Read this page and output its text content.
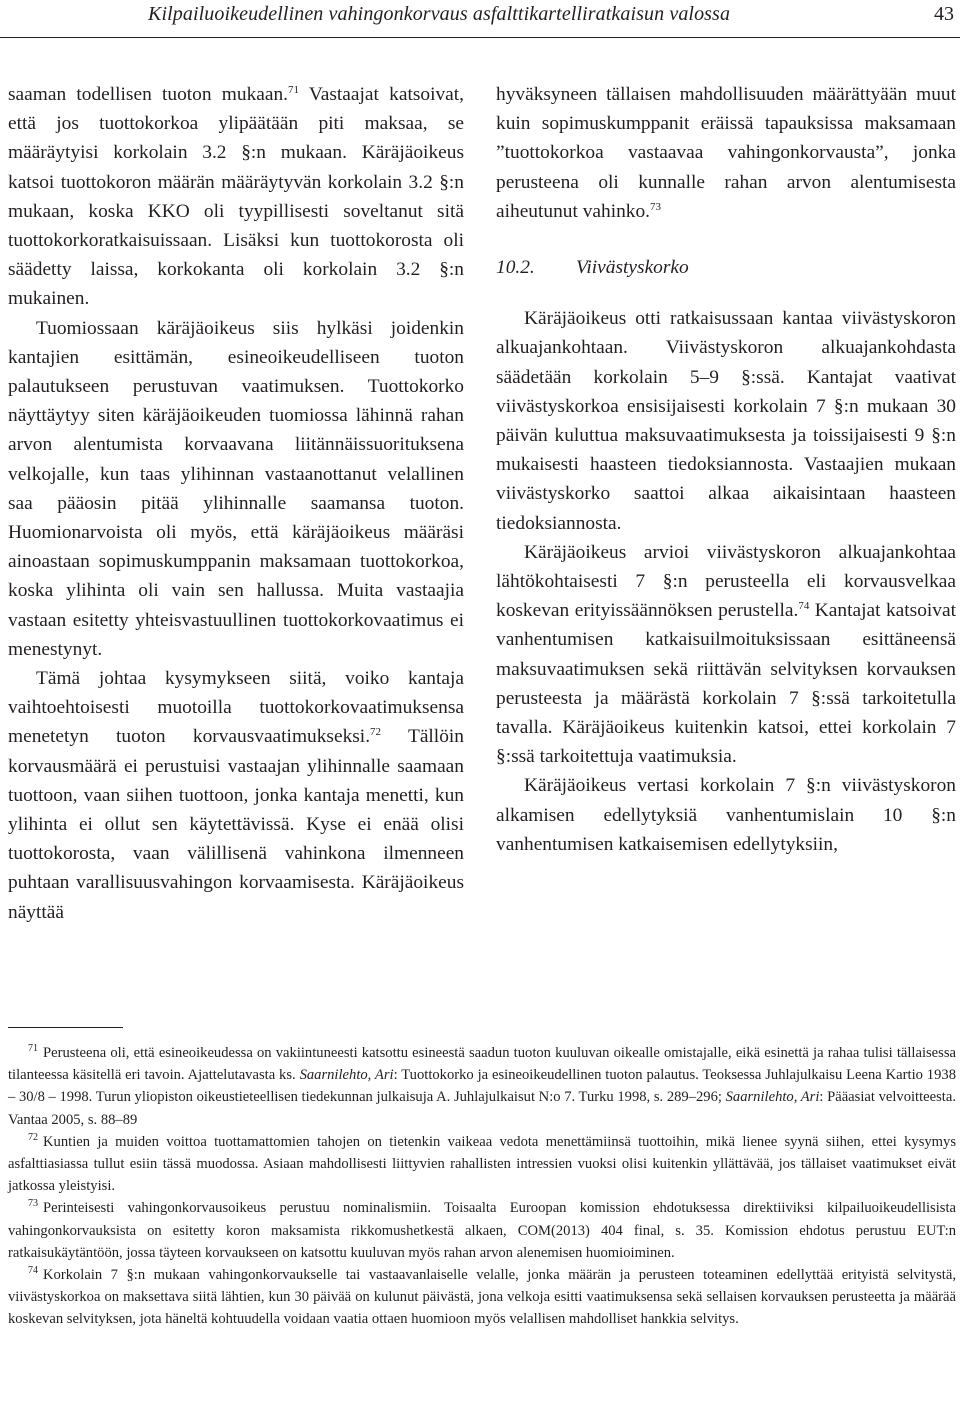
Kilpailuoikeudellinen vahingonkorvaus asfalttikartelliratkaisun valossa	43

saaman todellisen tuoton mukaan.$^{71}$ Vastaajat katsoivat, että jos tuottokorkoa ylipäätään piti maksaa, se määräytyisi korkolain 3.2 §:n mukaan. Käräjäoikeus katsoi tuottokoron määrän määräytyvän korkolain 3.2 §:n mukaan, koska KKO oli tyypillisesti soveltanut sitä tuottokorkoratkaisuissaan. Lisäksi kun tuottokorosta oli säädetty laissa, korkokanta oli korkolain 3.2 §:n mukainen.

Tuomiossaan käräjäoikeus siis hylkäsi joidenkin kantajien esittämän, esineoikeudelliseen tuoton palautukseen perustuvan vaatimuksen. Tuottokorko näyttäytyy siten käräjäoikeuden tuomiossa lähinnä rahan arvon alentumista korvaavana liitännäissuorituksena velkojalle, kun taas ylihinnan vastaanottanut velallinen saa pääosin pitää ylihinnalle saamansa tuoton. Huomionarvoista oli myös, että käräjäoikeus määräsi ainoastaan sopimuskumppanin maksamaan tuottokorkoa, koska ylihinta oli vain sen hallussa. Muita vastaajia vastaan esitetty yhteisvastuullinen tuottokorkovaatimus ei menestynyt.

Tämä johtaa kysymykseen siitä, voiko kantaja vaihtoehtoisesti muotoilla tuottokorkovaatimuksensa menetetyn tuoton korvausvaatimukseksi.$^{72}$ Tällöin korvausmäärä ei perustuisi vastaajan ylihinnalle saamaan tuottoon, vaan siihen tuottoon, jonka kantaja menetti, kun ylihinta ei ollut sen käytettävissä. Kyse ei enää olisi tuottokorosta, vaan välillisenä vahinkona ilmenneen puhtaan varallisuusvahingon korvaamisesta. Käräjäoikeus näyttää

hyväksyneen tällaisen mahdollisuuden määrättyään muut kuin sopimuskumppanit eräissä tapauksissa maksamaan ”tuottokorkoa vastaavaa vahingonkorvausta”, jonka perusteena oli kunnalle rahan arvon alentumisesta aiheutunut vahinko.$^{73}$

10.2. Viivästyskorko

Käräjäoikeus otti ratkaisussaan kantaa viivästyskoron alkuajankohtaan. Viivästyskoron alkuajankohdasta säädetään korkolain 5–9 §:ssä. Kantajat vaativat viivästyskorkoa ensisijaisesti korkolain 7 §:n mukaan 30 päivän kuluttua maksuvaatimuksesta ja toissijaisesti 9 §:n mukaisesti haasteen tiedoksiannosta. Vastaajien mukaan viivästyskorko saattoi alkaa aikaisintaan haasteen tiedoksiannosta.

Käräjäoikeus arvioi viivästyskoron alkuajankohtaa lähtökohtaisesti 7 §:n perusteella eli korvausvelkaa koskevan erityissäännöksen perustella.$^{74}$ Kantajat katsoivat vanhentumisen katkaisuilmoituksissaan esittäneensä maksuvaatimuksen sekä riittävän selvityksen korvauksen perusteesta ja määrästä korkolain 7 §:ssä tarkoitetulla tavalla. Käräjäoikeus kuitenkin katsoi, ettei korkolain 7 §:ssä tarkoitettuja vaatimuksia.

Käräjäoikeus vertasi korkolain 7 §:n viivästyskoron alkamisen edellytyksiä vanhentumislain 10 §:n vanhentumisen katkaisemisen edellytyksiin,

$^{71}$ Perusteena oli, että esineoikeudessa on vakiintuneesti katsottu esineestä saadun tuoton kuuluvan oikealle omistajalle, eikä esinettä ja rahaa tulisi tällaisessa tilanteessa käsitellä eri tavoin. Ajattelutavasta ks. Saarnilehto, Ari: Tuottokorko ja esineoikeudellinen tuoton palautus. Teoksessa Juhlajulkaisu Leena Kartio 1938 – 30/8 – 1998. Turun yliopiston oikeustieteellisen tiedekunnan julkaisuja A. Juhlajulkaisut N:o 7. Turku 1998, s. 289–296; Saarnilehto, Ari: Pääasiat velvoitteesta. Vantaa 2005, s. 88–89

$^{72}$ Kuntien ja muiden voittoa tuottamattomien tahojen on tietenkin vaikeaa vedota menettämiinsä tuottoihin, mikä lienee syynä siihen, ettei kysymys asfalttiasiassa tullut esiin tässä muodossa. Asiaan mahdollisesti liittyvien rahallisten intressien vuoksi olisi kuitenkin yllättävää, jos tällaiset vaatimukset eivät jatkossa yleistyisi.

$^{73}$ Perinteisesti vahingonkorvausoikeus perustuu nominalismiin. Toisaalta Euroopan komission ehdotuksessa direktiiviksi kilpailuoikeudellisista vahingonkorvauksista on esitetty koron maksamista rikkomushetkestä alkaen, COM(2013) 404 final, s. 35. Komission ehdotus perustuu EUT:n ratkaisukäytäntöön, jossa täyteen korvaukseen on katsottu kuuluvan myös rahan arvon alenemisen huomioiminen.

$^{74}$ Korkolain 7 §:n mukaan vahingonkorvaukselle tai vastaavanlaiselle velalle, jonka määrän ja perusteen toteaminen edellyttää erityistä selvitystä, viivästyskorkoa on maksettava siitä lähtien, kun 30 päivää on kulunut päivästä, jona velkoja esitti vaatimuksensa sekä sellaisen korvauksen perusteetta ja määrää koskevan selvityksen, jota häneltä kohtuudella voidaan vaatia ottaen huomioon myös velallisen mahdolliset hankkia selvitys.
